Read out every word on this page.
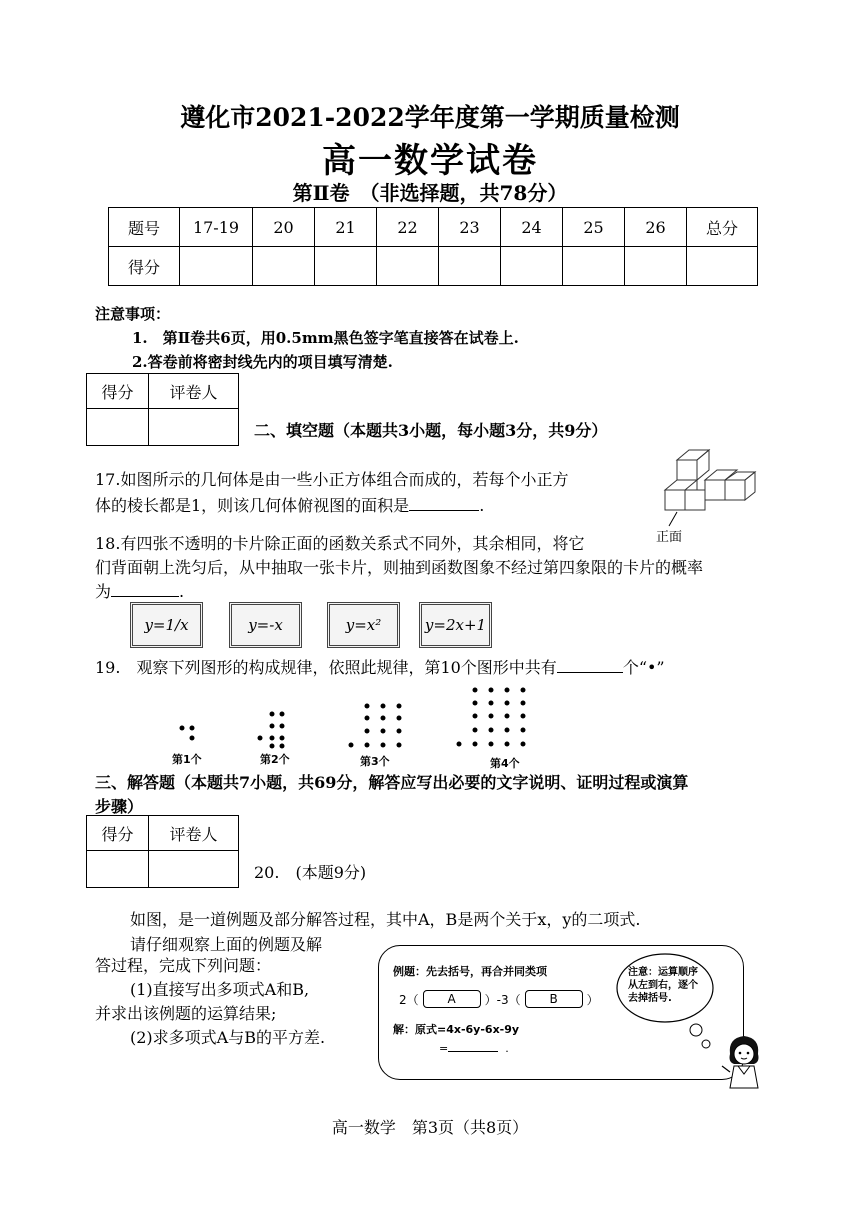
遵化市2021-2022学年度第一学期质量检测
高一数学试卷
第Ⅱ卷　（非选择题，共78分）
题号	17-19	20	21	22	23	24	25	26	总分
得分									
注意事项：
1.　第Ⅱ卷共6页，用0.5mm黑色签字笔直接答在试卷上.
2.答卷前将密封线先内的项目填写清楚.
得分	评卷人

二、填空题（本题共3小题，每小题3分，共9分）
17.如图所示的几何体是由一些小正方体组合而成的，若每个小正方
体的棱长都是1，则该几何体俯视图的面积是	.
正面
18.有四张不透明的卡片除正面的函数关系式不同外，其余相同，将它
们背面朝上洗匀后，从中抽取一张卡片，则抽到函数图象不经过第四象限的卡片的概率
为	.
y=1/x	y=-x	y=x²	y=2x+1
19.　观察下列图形的构成规律，依照此规律，第10个图形中共有	个“•”
第1个	第2个	第3个	第4个
三、解答题（本题共7小题，共69分，解答应写出必要的文字说明、证明过程或演算
步骤）
得分	评卷人

20.　(本题9分)
如图，是一道例题及部分解答过程，其中A，B是两个关于x，y的二项式.
请仔细观察上面的例题及解
答过程，完成下列问题：
(1)直接写出多项式A和B,
并求出该例题的运算结果;
(2)求多项式A与B的平方差.
例题：先去括号，再合并同类项
2（	A	）-3（	B	）
解：原式=4x-6y-6x-9y
=	.
注意：运算顺序
从左到右，逐个
去掉括号.
高一数学　第3页（共8页）
